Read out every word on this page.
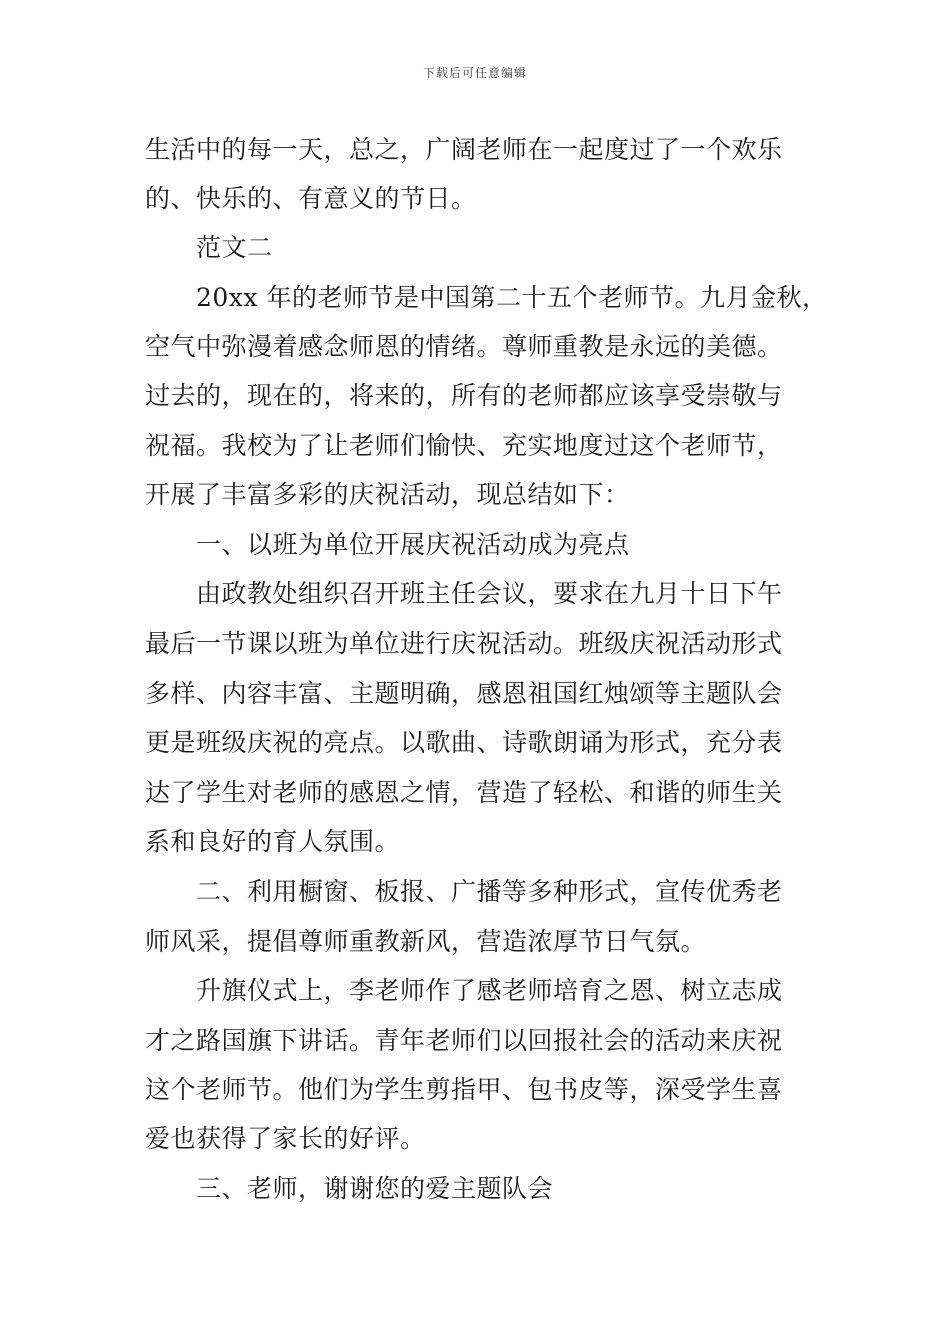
下载后可任意编辑
生活中的每一天，总之，广阔老师在一起度过了一个欢乐
的、快乐的、有意义的节日。
范文二
20xx 年的老师节是中国第二十五个老师节。九月金秋，
空气中弥漫着感念师恩的情绪。尊师重教是永远的美德。
过去的，现在的，将来的，所有的老师都应该享受崇敬与
祝福。我校为了让老师们愉快、充实地度过这个老师节，
开展了丰富多彩的庆祝活动，现总结如下：
一、以班为单位开展庆祝活动成为亮点
由政教处组织召开班主任会议，要求在九月十日下午
最后一节课以班为单位进行庆祝活动。班级庆祝活动形式
多样、内容丰富、主题明确，感恩祖国红烛颂等主题队会
更是班级庆祝的亮点。以歌曲、诗歌朗诵为形式，充分表
达了学生对老师的感恩之情，营造了轻松、和谐的师生关
系和良好的育人氛围。
二、利用橱窗、板报、广播等多种形式，宣传优秀老
师风采，提倡尊师重教新风，营造浓厚节日气氛。
升旗仪式上，李老师作了感老师培育之恩、树立志成
才之路国旗下讲话。青年老师们以回报社会的活动来庆祝
这个老师节。他们为学生剪指甲、包书皮等，深受学生喜
爱也获得了家长的好评。
三、老师，谢谢您的爱主题队会
